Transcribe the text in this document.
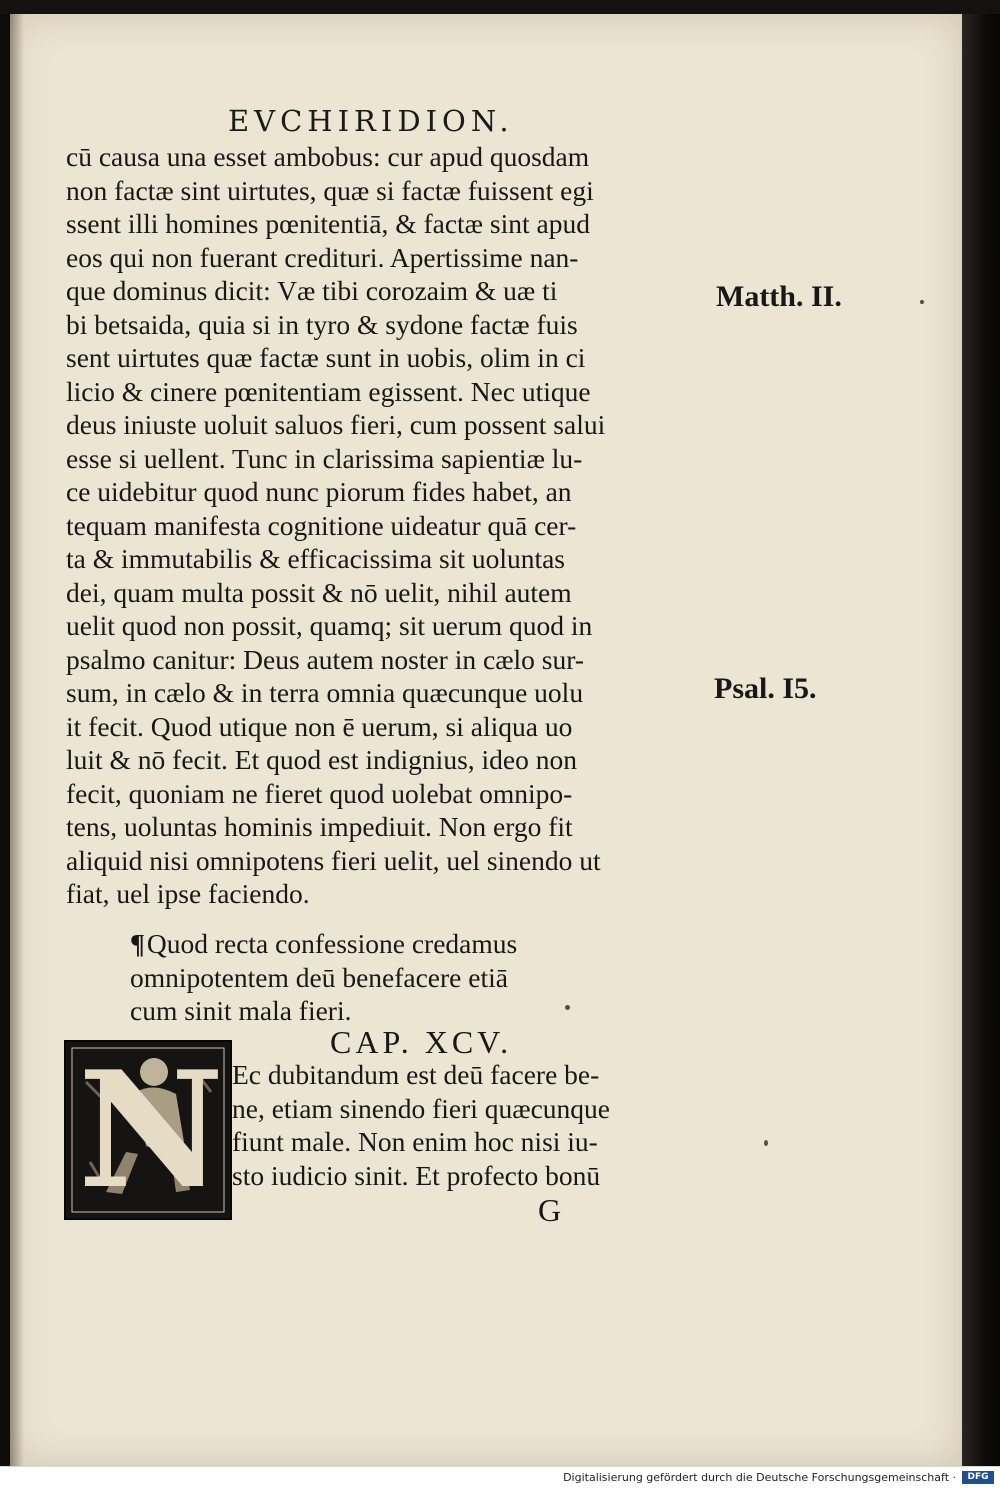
EVCHIRIDION.
cū causa una esset ambobus: cur apud quosdam
non factæ sint uirtutes, quæ si factæ fuissent egi
ssent illi homines pœnitentiā, & factæ sint apud
eos qui non fuerant credituri. Apertissime nan-
que dominus dicit: Væ tibi corozaim & uæ ti
bi betsaida, quia si in tyro & sydone factæ fuis
sent uirtutes quæ factæ sunt in uobis, olim in ci
licio & cinere pœnitentiam egissent. Nec utique
deus iniuste uoluit saluos fieri, cum possent salui
esse si uellent. Tunc in clarissima sapientiæ lu-
ce uidebitur quod nunc piorum fides habet, an
tequam manifesta cognitione uideatur quā cer-
ta & immutabilis & efficacissima sit uoluntas
dei, quam multa possit & nō uelit, nihil autem
uelit quod non possit, quamq; sit uerum quod in
psalmo canitur: Deus autem noster in cælo sur-
sum, in cælo & in terra omnia quæcunque uolu
it fecit. Quod utique non ē uerum, si aliqua uo
luit & nō fecit. Et quod est indignius, ideo non
fecit, quoniam ne fieret quod uolebat omnipo-
tens, uoluntas hominis impediuit. Non ergo fit
aliquid nisi omnipotens fieri uelit, uel sinendo ut
fiat, uel ipse faciendo.
Matth. II.
Psal. I5.
¶Quod recta confessione credamus
omnipotentem deū benefacere etiā
cum sinit mala fieri.
CAP. XCV.
N Ec dubitandum est deū facere be-
ne, etiam sinendo fieri quæcunque
fiunt male. Non enim hoc nisi iu-
sto iudicio sinit. Et profecto bonū
G
Digitalisierung gefördert durch die Deutsche Forschungsgemeinschaft ·	DFG
